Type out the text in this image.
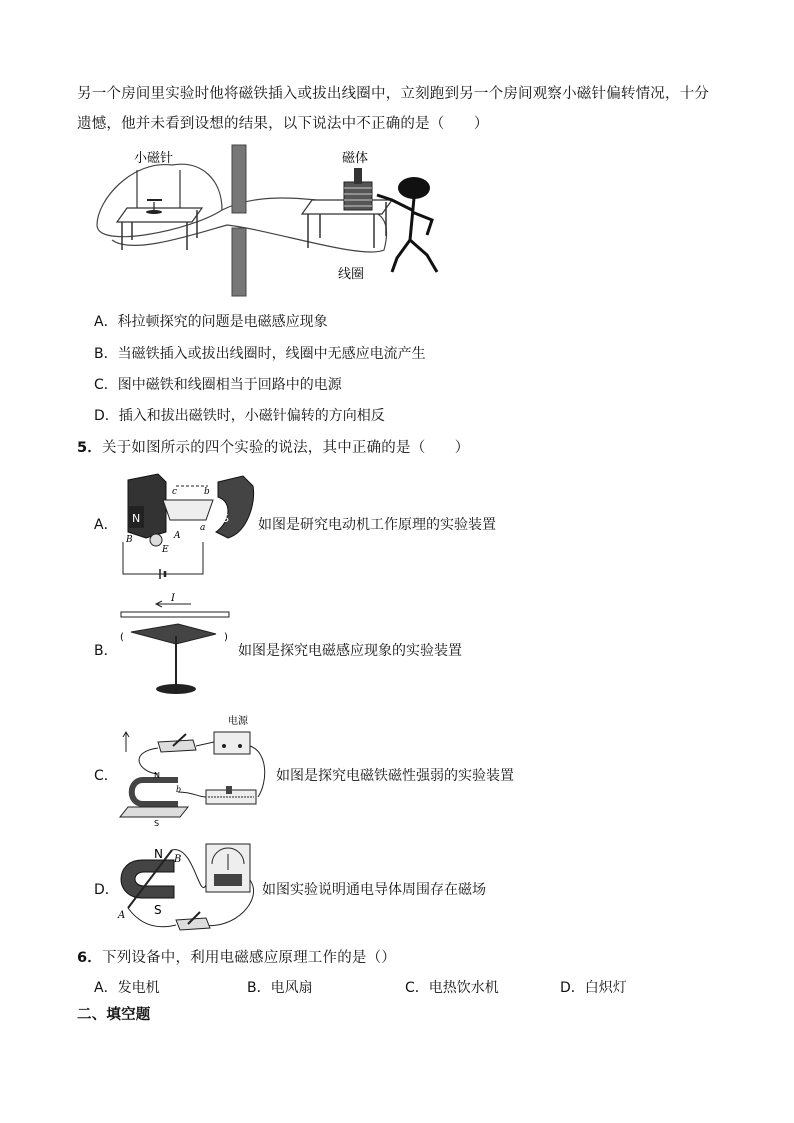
另一个房间里实验时他将磁铁插入或拔出线圈中，立刻跑到另一个房间观察小磁针偏转情况，十分
遗憾，他并未看到设想的结果，以下说法中不正确的是（　　）
小磁针	磁体
线圈
A．科拉顿探究的问题是电磁感应现象
B．当磁铁插入或拔出线圈时，线圈中无感应电流产生
C．图中磁铁和线圈相当于回路中的电源
D．插入和拔出磁铁时，小磁针偏转的方向相反
5．关于如图所示的四个实验的说法，其中正确的是（　　）
A． N	S
c	b
a
B
E
A
如图是研究电动机工作原理的实验装置
B．
I
(	)
如图是探究电磁感应现象的实验装置
C．
电源
N
S
b
如图是探究电磁铁磁性强弱的实验装置
D．
N
S
A
B
如图实验说明通电导体周围存在磁场
6．下列设备中，利用电磁感应原理工作的是（）
A．发电机	B．电风扇	C．电热饮水机	D．白炽灯
二、填空题
